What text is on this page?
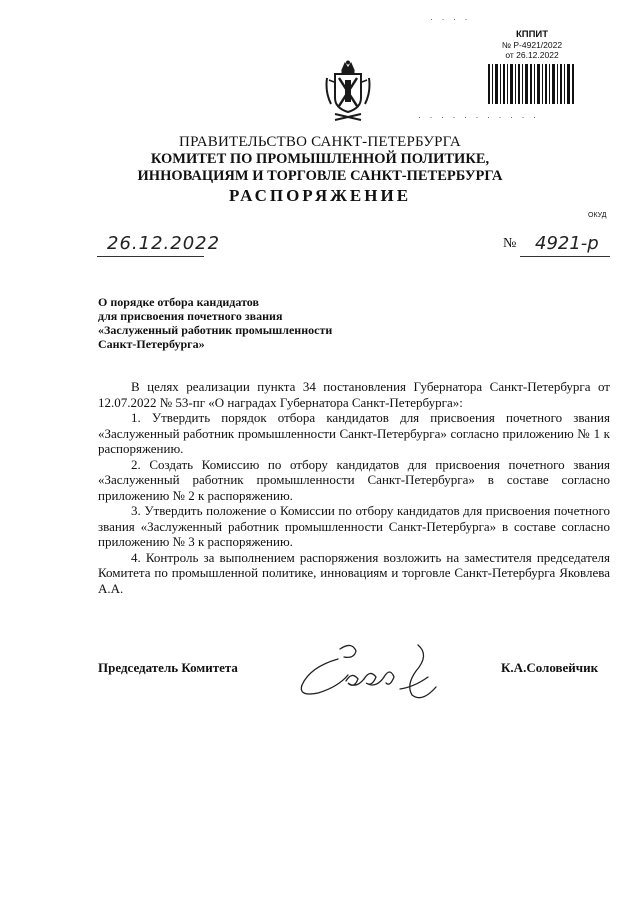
КППИТ
№ Р-4921/2022
от 26.12.2022
· · · ·
· · · · · · · · · · ·
ПРАВИТЕЛЬСТВО САНКТ-ПЕТЕРБУРГА
КОМИТЕТ ПО ПРОМЫШЛЕННОЙ ПОЛИТИКЕ,
ИННОВАЦИЯМ И ТОРГОВЛЕ САНКТ-ПЕТЕРБУРГА
РАСПОРЯЖЕНИЕ
ОКУД
26.12.2022	№ 4921-р
О порядке отбора кандидатов
для присвоения почетного звания
«Заслуженный работник промышленности
Санкт-Петербурга»

В целях реализации пункта 34 постановления Губернатора Санкт-Петербурга от 12.07.2022 № 53-пг «О наградах Губернатора Санкт-Петербурга»:

1. Утвердить порядок отбора кандидатов для присвоения почетного звания «Заслуженный работник промышленности Санкт-Петербурга» согласно приложению № 1 к распоряжению.

2. Создать Комиссию по отбору кандидатов для присвоения почетного звания «Заслуженный работник промышленности Санкт-Петербурга» в составе согласно приложению № 2 к распоряжению.

3. Утвердить положение о Комиссии по отбору кандидатов для присвоения почетного звания «Заслуженный работник промышленности Санкт-Петербурга» в составе согласно приложению № 3 к распоряжению.

4. Контроль за выполнением распоряжения возложить на заместителя председателя Комитета по промышленной политике, инновациям и торговле Санкт-Петербурга Яковлева А.А.

Председатель Комитета	К.А.Соловейчик
